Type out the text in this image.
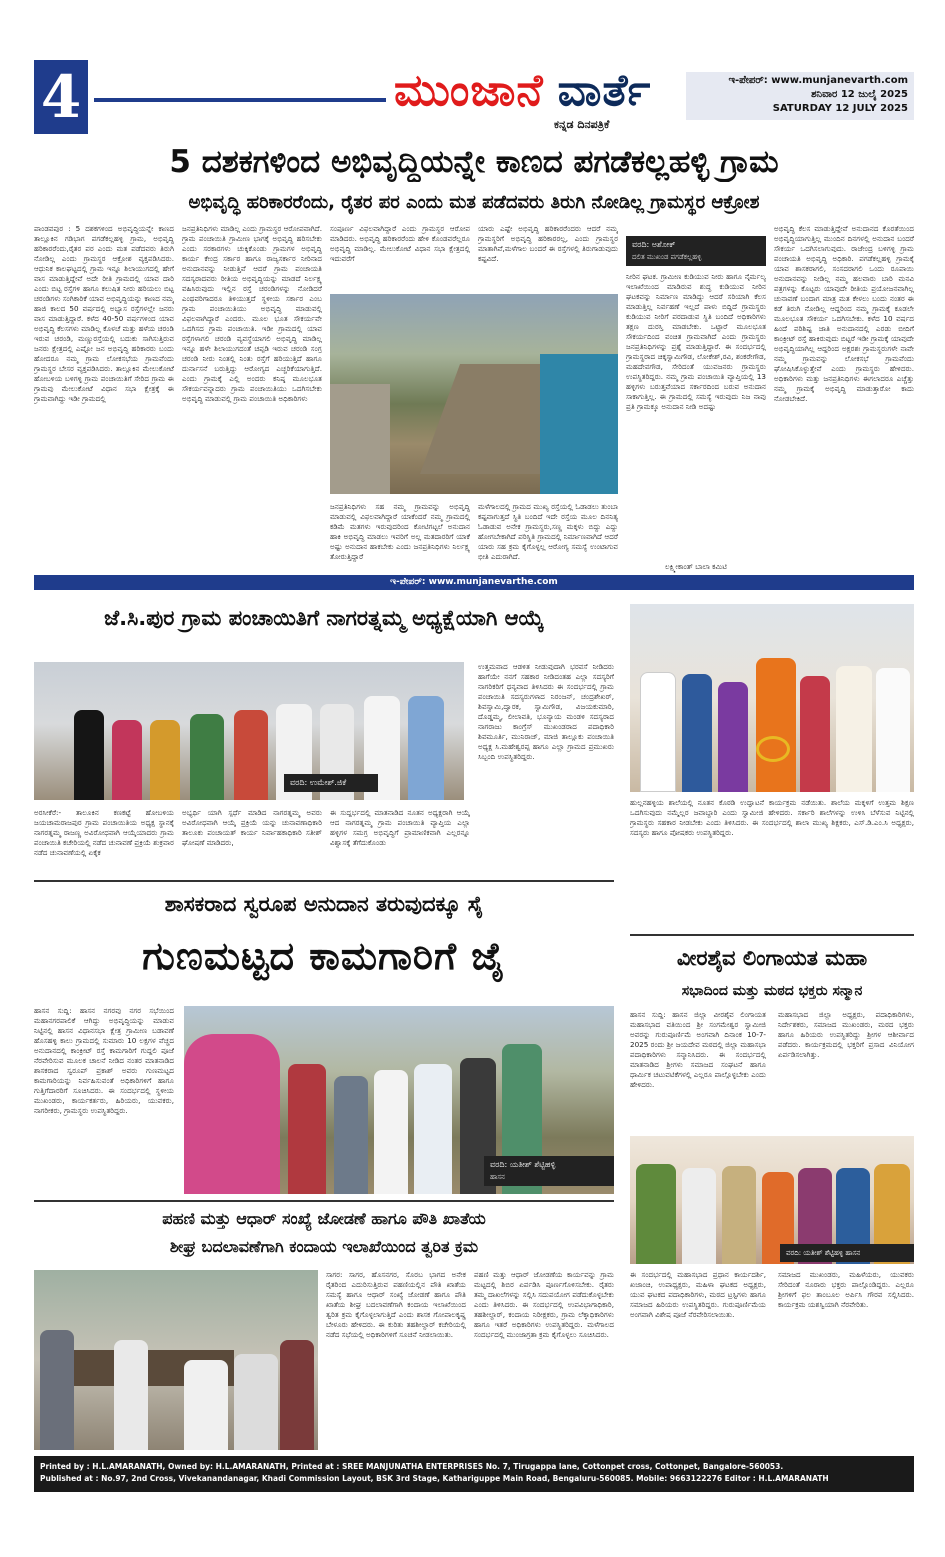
4	ಮುಂಜಾನೆ ವಾರ್ತೆ
ಕನ್ನಡ ದಿನಪತ್ರಿಕೆ
ಇ-ಪೇಪರ್: www.munjanevarth.com
ಶನಿವಾರ 12 ಜುಲೈ 2025
SATURDAY 12 JULY 2025
5 ದಶಕಗಳಿಂದ ಅಭಿವೃದ್ಧಿಯನ್ನೇ ಕಾಣದ ಪಗಡೆಕಲ್ಲಹಳ್ಳಿ ಗ್ರಾಮ
ಅಭಿವೃದ್ಧಿ ಹರಿಕಾರರೆಂದು, ರೈತರ ಪರ ಎಂದು ಮತ ಪಡೆದವರು ತಿರುಗಿ ನೋಡಿಲ್ಲ ಗ್ರಾಮಸ್ಥರ ಆಕ್ರೋಶ
ಪಾಂಡವಪುರ : 5 ದಶಕಗಳಿಂದ ಅಭಿವೃದ್ಧಿಯನ್ನೇ ಕಾಣದ ತಾಲ್ಲೂಕಿನ ಗಡಿಭಾಗ ಪಗಡೆಕಲ್ಲಹಳ್ಳಿ ಗ್ರಾಮ, ಅಭಿವೃದ್ಧಿ ಹರಿಕಾರರೆಂದು,ರೈತರ ಪರ ಎಂದು ಮತ ಪಡೆದವರು ತಿರುಗಿ ನೋಡಿಲ್ಲ ಎಂದು ಗ್ರಾಮಸ್ಥರ ಆಕ್ರೋಶ ವ್ಯಕ್ತಪಡಿಸಿದರು. ಆಧುನಿಕ ಕಾಲಘಟ್ಟದಲ್ಲಿ ಗ್ರಾಮ ಇನ್ನೂ ಶಿಲಾಯುಗದಲ್ಲಿ ಹೇಗೆ ವಾಸ ಮಾಡುತ್ತಿದ್ದೇವೆ ಅದೇ ರೀತಿ ಗ್ರಾಮದಲ್ಲಿ ಯಾವ ದಾರಿ ಎಂದು ಬಿಟ್ಟ ರಸ್ತೆಗಳಿ ಹಾಗೂ ಕಲುಷಿತ ನೀರು ಹರಿಯಲು ಬಿಟ್ಟ ಚರಂಡಿಗಳು ಸಂಗಿಕಾರಿಕೆ ಯಾವ ಅಭಿವೃದ್ಧಿಯನ್ನು ಕಾಣದ ನಮ್ಮ ಹಾಜಿ ಕಾಲದ 50 ವರ್ಷದಲ್ಲಿ ಅಭ್ಯಾಸ ರಸ್ತೆಗಳಲ್ಲೇ ಜನರು ವಾಸ ಮಾಡುತ್ತಿದ್ದಾರೆ. ಕಳೆದ 40-50 ವರ್ಷಗಳಿಂದ ಯಾವ ಅಭಿವೃದ್ಧಿ ಕೆಲಸಗಳು ಮಾಡಿಲ್ಲ ಕೊಳಚೆ ಮತ್ತು ಹಳೆಯ ಚರಂಡಿ ಇರುವ ಚರಂಡಿ, ಮಣ್ಣುರಸ್ತೆಯಲ್ಲಿ ಬದುಕು ಸಾಗಿಸುತ್ತಿರುವ ಜನರು ಕ್ಷೇತ್ರದಲ್ಲಿ ಎಷ್ಟೋ ಜನ ಅಭಿವೃದ್ಧಿ ಹರಿಕಾರರು ಬಂದು ಹೋದರೂ ನಮ್ಮ ಗ್ರಾಮ ಲೋಕಸಭೆಯ ಗ್ರಾಮವೆಂದು ಗ್ರಾಮಸ್ಥರ ಬೇಸರ ವ್ಯಕ್ತಪಡಿಸಿದರು. ತಾಲ್ಲೂಕಿನ ಮೇಲುಕೋಟೆ ಹೋಬಳಿಯ ಬಳಿಗಳ್ಳಿ ಗ್ರಾಮ ಪಂಚಾಯಿತಿಗೆ ಸೇರಿದ ಗ್ರಾಮ ಈ ಗ್ರಾಮವು ಮೇಲುಕೋಟೆ ವಿಧಾನ ಸಭಾ ಕ್ಷೇತ್ರಕ್ಕೆ ಈ ಗ್ರಾಮವಾಗಿದ್ದು ಇಡೀ ಗ್ರಾಮದಲ್ಲಿ
ಜನಪ್ರತಿನಿಧಿಗಳು ಮಾಡಿಲ್ಲ ಎಂದು ಗ್ರಾಮಸ್ಥರ ಆರೋಪವಾಗಿದೆ. ಗ್ರಾಮ ಪಂಚಾಯಿತಿ ಗ್ರಾಮೀಣ ಭಾಗಕ್ಕೆ ಅಭಿವೃದ್ಧಿ ಹರಿಸಬೇಕು ಎಂದು ಸರಕಾರಗಳು ಚುಕ್ಕಿಕೊಂಡು ಗ್ರಾಮಗಳ ಅಭಿವೃದ್ಧಿ ಕಾರ್ಯ ಕೇಂದ್ರ ಸರ್ಕಾರ ಹಾಗೂ ರಾಜ್ಯಸರ್ಕಾರ ನೀರಿನಾದ ಅನುದಾನವನ್ನು ನೀಡುತ್ತಿವೆ ಆದರೆ ಗ್ರಾಮ ಪಂಚಾಯತಿ ಸದಸ್ಯರಾದವರು ರೀತಿಯ ಅಭಿವೃದ್ಧಿಯನ್ನು ಮಾಡದೆ ನಿರ್ಲಕ್ಷ್ಯ ವಹಿಸಿರುವುದು ಇಲ್ಲಿನ ರಸ್ತೆ ಚರಂಡಿಗಳನ್ನು ನೋಡಿದರೆ ಎಂಥವರಿಗಾದರೂ ತಿಳಿಯುತ್ತದೆ ಸ್ಥಳೀಯ ಸರ್ಕಾರ ಎಂಬ ಗ್ರಾಮ ಪಂಚಾಯಿತಿಯು ಅಭಿವೃದ್ಧಿ ಮಾಡುವಲ್ಲಿ ವಿಫಲವಾಗಿದ್ದಾರೆ ಎಂದರು. ಮೂಲ ಭೂತ ಸೌಕರ್ಯವೇ ಒದಗಿಸದ ಗ್ರಾಮ ಪಂಚಾಯಿತಿ. ಇಡೀ ಗ್ರಾಮದಲ್ಲಿ ಯಾವ ರಸ್ತೆಗಳಾಗಲಿ ಚರಂಡಿ ವ್ಯವಸ್ಥೆಯಾಗಲಿ ಅಭಿವೃದ್ಧಿ ಮಾಡಿಲ್ಲ ಇನ್ನೂ ಹಳೇ ಶಿಲಾಯುಗದಂತೆ ಚಪ್ಪಡಿ ಇರುವ ಚರಂಡಿ ಸಂಗ್ರ ಚರಂಡಿ ನೀರು ನಿಂತಲ್ಲಿ ನಿಂತು ರಸ್ತೆಗೆ ಹರಿಯುತ್ತಿದೆ ಹಾಗೂ ದುರ್ನಾಸನೆ ಬರುತ್ತಿದ್ದು ಆರೋಗ್ಯದ ಎಚ್ಚರಿಕೆಯಾಗುತ್ತಿದೆ. ಎಂದು ಗ್ರಾಮಕ್ಕೆ ಎಲ್ಲಿ ಅಂದರು ಕನಿಷ್ಠ ಮೂಲಭೂತ ಸೌಕರ್ಯವನ್ನಾದರು ಗ್ರಾಮ ಪಂಚಾಯಿತಿಯು ಒದಗಿಸಬೇಕು ಅಭಿವೃದ್ಧಿ ಮಾಡುವಲ್ಲಿ ಗ್ರಾಮ ಪಂಚಾಯಿತಿ ಅಧಿಕಾರಿಗಳು
ಸಂಪೂರ್ಣ ವಿಫಲವಾಗಿದ್ದಾರೆ ಎಂದು ಗ್ರಾಮಸ್ಥರ ಆರೋಪ ಮಾಡಿದರು. ಅಭಿವೃದ್ಧಿ ಹರಿಕಾರರೆಂದು ಹೇಳಿ ಕೊಂಡವರೆಲ್ಲರೂ ಅಭಿವೃದ್ಧಿ ಮಾಡಿಲ್ಲ. ಮೇಲುಕೋಟೆ ವಿಧಾನ ಸಭಾ ಕ್ಷೇತ್ರದಲ್ಲಿ ಇದುವರೆಗೆ
ಯಾರು ಎಷ್ಟೇ ಅಭಿವೃದ್ಧಿ ಹರಿಕಾರರೆಂದರು ಆದರೆ ನಮ್ಮ ಗ್ರಾಮಸ್ಥರಿಗೆ ಅಭಿವೃದ್ಧಿ ಹರಿಕಾರರಲ್ಲ, ಎಂದು ಗ್ರಾಮಸ್ಥರ ಮಾತಾಗಿವೆ,ಮಳೆಗಾಲ ಬಂದರೆ ಈ ರಸ್ತೆಗಳಲ್ಲಿ ತಿರುಗಾಡುವುದು ಕಷ್ಟವಿದೆ.
ಜನಪ್ರತಿನಿಧಿಗಳು ಸಹ ನಮ್ಮ ಗ್ರಾಮವನ್ನು ಅಭಿವೃದ್ಧಿ ಮಾಡುವಲ್ಲಿ ವಿಫಲವಾಗಿದ್ದಾರೆ ಯಾಕೆಂದರೆ ನಮ್ಮ ಗ್ರಾಮದಲ್ಲಿ ಕಡಿಮೆ ಮತಗಳು ಇರುವುದರಿಂದ ಕೋಟಿಗಟ್ಟಲೆ ಅನುದಾನ ಹಾಕಿ ಅಭಿವೃದ್ಧಿ ಮಾಡಲು ಇವರಿಗೆ ಅಲ್ಲ ಮತದಾರರಿಗೆ ಯಾಕೆ ಅಷ್ಟು ಅನುದಾನ ಹಾಕಬೇಕು ಎಂದು ಜನಪ್ರತಿನಿಧಿಗಳು ನಿರ್ಲಕ್ಷ್ಯ ತೋರುತ್ತಿದ್ದಾರೆ
ಮಳೆಗಾಲದಲ್ಲಿ ಗ್ರಾಮದ ಮುಖ್ಯ ರಸ್ತೆಯಲ್ಲಿ ಓಡಾಡಲು ತುಂಬಾ ಕಷ್ಟವಾಗುತ್ತದೆ ಸ್ಥಿತಿ ಬಂದಿದೆ ಇದೇ ರಸ್ತೆಯ ಮೂಲ ದಿನನಿತ್ಯ ಓಡಾಡುವ ಅನೇಕ ಗ್ರಾಮಸ್ಥರು,ಸಣ್ಣ ಮಕ್ಕಳು ಬಿದ್ದು ಎದ್ದು ಹೋಗಬೇಕಾಗಿದೆ ಪರಿಸ್ಥಿತಿ ಗ್ರಾಮದಲ್ಲಿ ನಿರ್ಮಾಣವಾಗಿದೆ ಆದರೆ ಯಾರು ಸಹ ಕ್ರಮ ಕೈಗೊಳ್ಳಲ್ಲ ಆರೋಗ್ಯ ಸಮಸ್ಯೆ ಉಂಟಾಗುವ ಭೀತಿ ಎದುರಾಗಿದೆ.
ವರದಿ: ಅಶೋಕ್
ದಲಿತ ಮುಖಂಡ ಪಗಡೆಕಲ್ಲಹಳ್ಳಿ
ನೀರಿನ ಘಟಕ. ಗ್ರಾಮೀಣ ಕುಡಿಯುವ ನೀರು ಹಾಗೂ ನೈರ್ಮಲ್ಯ ಇಲಾಖೆಯಿಂದ ಮಾಡಿರುವ ಶುದ್ಧ ಕುಡಿಯುವ ನೀರಿನ ಘಟಕವನ್ನು ನಿರ್ಮಾಣ ಮಾಡಿದ್ದು ಆದರೆ ಸರಿಯಾಗಿ ಕೆಲಸ ಮಾಡುತ್ತಿಲ್ಲ ನಿರ್ವಹಣೆ ಇಲ್ಲದೆ ಪಾಳು ಬಿದ್ದಿದೆ ಗ್ರಾಮಸ್ಥರು ಕುಡಿಯುವ ನೀರಿಗೆ ಪರದಾಡುವ ಸ್ಥಿತಿ ಬಂದಿದೆ ಅಧಿಕಾರಿಗಳು ತಕ್ಷಣ ದುರಸ್ತಿ ಮಾಡಬೇಕು. ಒಟ್ಟಾರೆ ಮೂಲಭೂತ ಸೌಕರ್ಯದಿಂದ ವಂಚಿತ ಗ್ರಾಮವಾಗಿದೆ ಎಂದು ಗ್ರಾಮಸ್ಥರು ಜನಪ್ರತಿನಿಧಿಗಳನ್ನು ಪ್ರಶ್ನೆ ಮಾಡುತ್ತಿದ್ದಾರೆ. ಈ ಸಂದರ್ಭದಲ್ಲಿ ಗ್ರಾಮಸ್ಥರಾದ ಚಿಕ್ಕಸ್ವಾಮಿಗೌಡ, ಲೋಕೇಶ್,ರವಿ, ಶಂಕರೇಗೌಡ, ಮಹದೇವಗೌಡ, ಸೇರಿದಂತೆ ಯುವಜನರು ಗ್ರಾಮಸ್ಥರು ಉಪಸ್ಥಿತರಿದ್ದರು. ನಮ್ಮ ಗ್ರಾಮ ಪಂಚಾಯಿತಿ ವ್ಯಾಪ್ತಿಯಲ್ಲಿ 13 ಹಳ್ಳಿಗಳು ಬರುತ್ತವೆಯಾದ ಸರ್ಕಾರದಿಂದ ಬರುವ ಅನುದಾನ ಸಾಕಾಗುತ್ತಿಲ್ಲ. ಈ ಗ್ರಾಮದಲ್ಲಿ ಸಮಸ್ಯೆ ಇರುವುದು ನಿಜ ನಾವು ಪ್ರತಿ ಗ್ರಾಮಕ್ಕೂ ಅನುದಾನ ನೀಡಿ ಅದಷ್ಟು
ಲಕ್ಷ್ಮೀಕಾಂತ್ ಬಾಲಾ ಕಮಿಟಿ
ಅಭಿವೃದ್ಧಿ ಕೆಲಸ ಮಾಡುತ್ತಿದ್ದೇವೆ ಅನುದಾನದ ಕೊರತೆಯಿಂದ ಅಭಿವೃದ್ಧಿಯಾಗುತ್ತಿಲ್ಲ ಮುಂದಿನ ದಿನಗಳಲ್ಲಿ ಅನುದಾನ ಬಂದರೆ ಸೌಕರ್ಯ ಒದಗಿಸಲಾಗುವುದು. ರಾಜೇಂದ್ರ ಬಳಿಗಳ್ಳಿ ಗ್ರಾಮ ಪಂಚಾಯತಿ ಅಭಿವೃದ್ಧಿ ಅಧಿಕಾರಿ. ಪಗಡೆಕಲ್ಲಹಳ್ಳಿ ಗ್ರಾಮಕ್ಕೆ ಯಾವ ಶಾಸಕರಾಗಲಿ, ಸಂಸದರಾಗಲಿ ಒಂದು ರೂಪಾಯಿ ಅನುದಾನವನ್ನು ನೀಡಿಲ್ಲ ನಮ್ಮ ಹಲವಾರು ಬಾರಿ ಮನವಿ ಪತ್ರಗಳನ್ನು ಕೊಟ್ಟರು ಯಾವುದೇ ರೀತಿಯ ಪ್ರಯೋಜನವಾಗಿಲ್ಲ ಚುನಾವಣೆ ಬಂದಾಗ ಮಾತ್ರ ಮತ ಕೇಳಲು ಬಂದು ನಂತರ ಈ ಕಡೆ ತಿರುಗಿ ನೋಡಿಲ್ಲ ಆದ್ದರಿಂದ ನಮ್ಮ ಗ್ರಾಮಕ್ಕೆ ಕೂಡಲೇ ಮೂಲಭೂತ ಸೌಕರ್ಯ ಒದಗಿಸಬೇಕು. ಕಳೆದ 10 ವರ್ಷದ ಹಿಂದೆ ಪರಿಶಿಷ್ಟ ಜಾತಿ ಅನುದಾನದಲ್ಲಿ ಎರಡು ಬೀದಿಗೆ ಕಾಂಕ್ರೀಟ್ ರಸ್ತೆ ಹಾಕಿರುವುದು ಬಿಟ್ಟರೆ ಇಡೀ ಗ್ರಾಮಕ್ಕೆ ಯಾವುದೇ ಅಭಿವೃದ್ಧಿಯಾಗಿಲ್ಲ ಆದ್ದರಿಂದ ಅಕ್ಷರಶಃ ಗ್ರಾಮಸ್ಥರುಗಳೇ ನಾವೇ ನಮ್ಮ ಗ್ರಾಮವನ್ನು ಲೋಕಸಭೆ ಗ್ರಾಮವೆಂದು ಘೋಷಿಸಿಕೊಳ್ಳುತ್ತೇವೆ ಎಂದು ಗ್ರಾಮಸ್ಥರು ಹೇಳಿದರು. ಅಧಿಕಾರಿಗಳು ಮತ್ತು ಜನಪ್ರತಿನಿಧಿಗಳು ಈಗಲಾದರೂ ಎಚ್ಚೆತ್ತು ನಮ್ಮ ಗ್ರಾಮಕ್ಕೆ ಅಭಿವೃದ್ಧಿ ಮಾಡುತ್ತಾರೋ ಕಾದು ನೋಡಬೇಕಿದೆ.
ಇ-ಪೇಪರ್: www.munjanevarthe.com
ಜೆ.ಸಿ.ಪುರ ಗ್ರಾಮ ಪಂಚಾಯಿತಿಗೆ ನಾಗರತ್ನಮ್ಮ ಅಧ್ಯಕ್ಷೆಯಾಗಿ ಆಯ್ಕೆ
ವರದಿ: ಉಮೇಶ್.ಜಿಕೆ
ಅರಸೀಕೆರೆ:- ತಾಲೂಕಿನ ಕಣಕಟ್ಟೆ ಹೋಬಳಿಯ ಜಯಚಾಮರಾಜಪುರ ಗ್ರಾಮ ಪಂಚಾಯಿತಿಯ ಅಧ್ಯಕ್ಷ ಸ್ಥಾನಕ್ಕೆ ನಾಗರತ್ನಮ್ಮ ರಾಜಣ್ಣ ಅವಿರೋಧವಾಗಿ ಆಯ್ಕೆಯಾದರು ಗ್ರಾಮ ಪಂಚಾಯಿತಿ ಕಚೇರಿಯಲ್ಲಿ ನಡೆದ ಚುನಾವಣೆ ಪ್ರಕ್ರಿಯೆ ಶುಕ್ರವಾರ ನಡೆದ ಚುನಾವಣೆಯಲ್ಲಿ ಏಕೈಕ
ಅಭ್ಯರ್ಥಿ ಯಾಗಿ ಸ್ಪರ್ಧೆ ಮಾಡಿದ ನಾಗರತ್ನಮ್ಮ ಅವರು ಅವಿರೋಧವಾಗಿ ಆಯ್ಕೆ ಪ್ರಕ್ರಿಯೆ ಯನ್ನು ಚುನಾವಣಾಧಿಕಾರಿ ತಾಲೂಕು ಪಂಚಾಯತ್ ಕಾರ್ಯ ನಿರ್ವಾಹಕಾಧಿಕಾರಿ ಸತೀಶ್ ಘೋಷಣೆ ಮಾಡಿದರು,
ಈ ಸುದ್ದರ್ಭದಲ್ಲಿ ಮಾತನಾಡಿದ ನೂತನ ಅಧ್ಯಕ್ಷರಾಗಿ ಆಯ್ಕೆ ಆದ ನಾಗರತ್ನಮ್ಮ ಗ್ರಾಮ ಪಂಚಾಯಿತಿ ವ್ಯಾಪ್ತಿಯ ಎಲ್ಲಾ ಹಳ್ಳಿಗಳ ಸಮಗ್ರ ಅಭಿವೃದ್ಧಿಗೆ ಪ್ರಾಮಾಣಿಕವಾಗಿ ಎಲ್ಲರನ್ನೂ ವಿಶ್ವಾಸಕ್ಕೆ ತೆಗೆದುಕೊಂಡು
ಉತ್ತಮವಾದ ಆಡಳಿತ ನೀಡುವುದಾಗಿ ಭರವಸೆ ನೀಡಿದರು ಹಾಗೆಯೇ ನನಗೆ ಸಹಕಾರ ನೀಡಿದಂತಹ ಎಲ್ಲಾ ಸದಸ್ಯರಿಗೆ ನಾಗರಿಕರಿಗೆ ಧನ್ಯವಾದ ತಿಳಿಸಿದರು ಈ ಸಂದರ್ಭದಲ್ಲಿ ಗ್ರಾಮ ಪಂಚಾಯಿತಿ ಸದಸ್ಯರುಗಳಾದ ನಿರಂಜನ್, ಚಂದ್ರಶೇಖರ್, ಶಿವಸ್ವಾಮಿ,ದ್ವಾರಕ, ಸ್ವಾಮಿಗೌಡ, ವಿಜಯಕುಮಾರಿ, ದೊಡ್ಡಮ್ಮ, ಲೀಲಾವತಿ, ಭೂನ್ಯಾಯ ಮಂಡಳಿ ಸದಸ್ಯರಾದ ನಾಗರಾಜು ಕಾಂಗ್ರೆಸ್ ಮುಖಂಡರಾದ ಪದಾಧಿಕಾರಿ ಶಿವಮೂರ್ತಿ, ಮುನಿರಾಜ್, ಮಾಜಿ ತಾಲ್ಲೂಕು ಪಂಚಾಯಿತಿ ಅಧ್ಯಕ್ಷ ಸಿ.ಮಹೇಶ್ವರಪ್ಪ ಹಾಗೂ ಎಲ್ಲಾ ಗ್ರಾಮದ ಪ್ರಮುಖರು ಸಿಬ್ಬಂದಿ ಉಪಸ್ಥಿತರಿದ್ದರು.
ಹುಲ್ಲನಹಳ್ಳಿಯ ಶಾಲೆಯಲ್ಲಿ ನೂತನ ಕೊಠಡಿ ಉದ್ಘಾಟನೆ ಕಾರ್ಯಕ್ರಮ ನಡೆಯಿತು. ಶಾಲೆಯ ಮಕ್ಕಳಿಗೆ ಉತ್ತಮ ಶಿಕ್ಷಣ ಒದಗಿಸುವುದು ನಮ್ಮೆಲ್ಲರ ಜವಾಬ್ದಾರಿ ಎಂದು ಸ್ವಾಮೀಜಿ ಹೇಳಿದರು. ಸರ್ಕಾರಿ ಶಾಲೆಗಳನ್ನು ಉಳಿಸಿ ಬೆಳೆಸುವ ನಿಟ್ಟಿನಲ್ಲಿ ಗ್ರಾಮಸ್ಥರು ಸಹಕಾರ ನೀಡಬೇಕು ಎಂದು ತಿಳಿಸಿದರು. ಈ ಸಂದರ್ಭದಲ್ಲಿ ಶಾಲಾ ಮುಖ್ಯ ಶಿಕ್ಷಕರು, ಎಸ್.ಡಿ.ಎಂ.ಸಿ ಅಧ್ಯಕ್ಷರು, ಸದಸ್ಯರು ಹಾಗೂ ಪೋಷಕರು ಉಪಸ್ಥಿತರಿದ್ದರು.
ಶಾಸಕರಾದ ಸ್ವರೂಪ ಅನುದಾನ ತರುವುದಕ್ಕೂ ಸೈ
ಗುಣಮಟ್ಟದ ಕಾಮಗಾರಿಗೆ ಜೈ
ಹಾಸನ ಸುದ್ದಿ: ಹಾಸನ ನಗರವು ನಗರ ಸಭೆಯಿಂದ ಮಹಾನಗರಪಾಲಿಕೆ ಆಗಿದ್ದು ಅಭಿವೃದ್ಧಿಯನ್ನು ಮಾಡುವ ನಿಟ್ಟಿನಲ್ಲಿ ಹಾಸನ ವಿಧಾನಸಭಾ ಕ್ಷೇತ್ರ ಗ್ರಾಮೀಣ ಬಡಾವಣೆ ಹೊಸಹಳ್ಳಿ ಕಾಲು ಗ್ರಾಮದಲ್ಲಿ ಸುಮಾರು 10 ಲಕ್ಷಗಳ ವೆಚ್ಚದ ಅನುದಾನದಲ್ಲಿ ಕಾಂಕ್ರೀಟ್ ರಸ್ತೆ ಕಾಮಗಾರಿಗೆ ಗುದ್ದಲಿ ಪೂಜೆ ನೆರವೇರಿಸುವ ಮೂಲಕ ಚಾಲನೆ ನೀಡಿದ ನಂತರ ಮಾತನಾಡಿದ ಶಾಸಕರಾದ ಸ್ವರೂಪ್ ಪ್ರಕಾಶ್ ಅವರು ಗುಣಮಟ್ಟದ ಕಾಮಗಾರಿಯನ್ನು ನಿರ್ವಹಿಸುವಂತೆ ಅಧಿಕಾರಿಗಳಿಗೆ ಹಾಗೂ ಗುತ್ತಿಗೆದಾರರಿಗೆ ಸೂಚಿಸಿದರು. ಈ ಸಂದರ್ಭದಲ್ಲಿ ಸ್ಥಳೀಯ ಮುಖಂಡರು, ಕಾರ್ಯಕರ್ತರು, ಹಿರಿಯರು, ಯುವಕರು, ನಾಗರೀಕರು, ಗ್ರಾಮಸ್ಥರು ಉಪಸ್ಥಿತರಿದ್ದರು.
ವರದಿ: ಯತೀಶ್ ಶೆಟ್ಟಿಹಳ್ಳಿ
ಹಾಸನ
ವೀರಶೈವ ಲಿಂಗಾಯತ ಮಹಾ
ಸಭಾದಿಂದ ಮತ್ತು ಮಠದ ಭಕ್ತರು ಸನ್ಮಾನ
ಹಾಸನ ಸುದ್ದಿ: ಹಾಸನ ಜಿಲ್ಲಾ ವೀರಶೈವ ಲಿಂಗಾಯತ ಮಹಾಸಭಾದ ವತಿಯಿಂದ ಶ್ರೀ ಸಂಗಮೇಶ್ವರ ಸ್ವಾಮೀಜಿ ಅವರನ್ನು ಗುರುಪೂರ್ಣಿಮೆ ಅಂಗವಾಗಿ ದಿನಾಂಕ 10-7-2025 ರಂದು ಶ್ರೀ ಜಯದೇವ ಮಠದಲ್ಲಿ ಜಿಲ್ಲಾ ಮಹಾಸಭಾ ಪದಾಧಿಕಾರಿಗಳು ಸನ್ಮಾನಿಸಿದರು. ಈ ಸಂದರ್ಭದಲ್ಲಿ ಮಾತನಾಡಿದ ಶ್ರೀಗಳು ಸಮಾಜದ ಸಂಘಟನೆ ಹಾಗೂ ಧಾರ್ಮಿಕ ಚಟುವಟಿಕೆಗಳಲ್ಲಿ ಎಲ್ಲರೂ ಪಾಲ್ಗೊಳ್ಳಬೇಕು ಎಂದು ಹೇಳಿದರು.
ಮಹಾಸಭಾದ ಜಿಲ್ಲಾ ಅಧ್ಯಕ್ಷರು, ಪದಾಧಿಕಾರಿಗಳು, ನಿರ್ದೇಶಕರು, ಸಮಾಜದ ಮುಖಂಡರು, ಮಠದ ಭಕ್ತರು ಹಾಗೂ ಹಿರಿಯರು ಉಪಸ್ಥಿತರಿದ್ದು ಶ್ರೀಗಳ ಆಶೀರ್ವಾದ ಪಡೆದರು. ಕಾರ್ಯಕ್ರಮದಲ್ಲಿ ಭಕ್ತರಿಗೆ ಪ್ರಸಾದ ವಿನಿಯೋಗ ಏರ್ಪಡಿಸಲಾಗಿತ್ತು.
ವರದಿ: ಯತೀಶ್ ಶೆಟ್ಟಿಹಳ್ಳಿ ಹಾಸನ
ಈ ಸಂದರ್ಭದಲ್ಲಿ ಮಹಾಸಭಾದ ಪ್ರಧಾನ ಕಾರ್ಯದರ್ಶಿ, ಖಜಾಂಚಿ, ಉಪಾಧ್ಯಕ್ಷರು, ಮಹಿಳಾ ಘಟಕದ ಅಧ್ಯಕ್ಷರು, ಯುವ ಘಟಕದ ಪದಾಧಿಕಾರಿಗಳು, ಮಠದ ಟ್ರಸ್ಟಿಗಳು ಹಾಗೂ ಸಮಾಜದ ಹಿರಿಯರು ಉಪಸ್ಥಿತರಿದ್ದರು. ಗುರುಪೂರ್ಣಿಮೆಯ ಅಂಗವಾಗಿ ವಿಶೇಷ ಪೂಜೆ ನೆರವೇರಿಸಲಾಯಿತು.
ಸಮಾಜದ ಮುಖಂಡರು, ಮಹಿಳೆಯರು, ಯುವಕರು ಸೇರಿದಂತೆ ನೂರಾರು ಭಕ್ತರು ಪಾಲ್ಗೊಂಡಿದ್ದರು. ಎಲ್ಲರೂ ಶ್ರೀಗಳಿಗೆ ಫಲ ತಾಂಬೂಲ ಅರ್ಪಿಸಿ ಗೌರವ ಸಲ್ಲಿಸಿದರು. ಕಾರ್ಯಕ್ರಮ ಯಶಸ್ವಿಯಾಗಿ ನೆರವೇರಿತು.
ಪಹಣಿ ಮತ್ತು ಆಧಾರ್ ಸಂಖ್ಯೆ ಜೋಡಣೆ ಹಾಗೂ ಪೌತಿ ಖಾತೆಯ
ಶೀಘ್ರ ಬದಲಾವಣೆಗಾಗಿ ಕಂದಾಯ ಇಲಾಖೆಯಿಂದ ತ್ವರಿತ ಕ್ರಮ
ಸಾಗರ: ಸಾಗರ, ಹೊಸನಗರ, ಸೊರಬ ಭಾಗದ ಅನೇಕ ರೈತರಿಂದ ಎದುರಿಸುತ್ತಿರುವ ಪಹಣಿಯಲ್ಲಿನ ಪೌತಿ ಖಾತೆಯ ಸಮಸ್ಯೆ ಹಾಗೂ ಆಧಾರ್ ಸಂಖ್ಯೆ ಜೋಡಣೆ ಹಾಗೂ ಪೌತಿ ಖಾತೆಯ ಶೀಘ್ರ ಬದಲಾವಣೆಗಾಗಿ ಕಂದಾಯ ಇಲಾಖೆಯಿಂದ ತ್ವರಿತ ಕ್ರಮ ಕೈಗೊಳ್ಳಲಾಗುತ್ತಿದೆ ಎಂದು ಶಾಸಕ ಗೋಪಾಲಕೃಷ್ಣ ಬೇಳೂರು ಹೇಳಿದರು. ಈ ಕುರಿತು ತಹಶೀಲ್ದಾರ್ ಕಚೇರಿಯಲ್ಲಿ ನಡೆದ ಸಭೆಯಲ್ಲಿ ಅಧಿಕಾರಿಗಳಿಗೆ ಸೂಚನೆ ನೀಡಲಾಯಿತು.
ಪಹಣಿ ಮತ್ತು ಆಧಾರ್ ಜೋಡಣೆಯ ಕಾರ್ಯವನ್ನು ಗ್ರಾಮ ಮಟ್ಟದಲ್ಲಿ ಶಿಬಿರ ಏರ್ಪಡಿಸಿ ಪೂರ್ಣಗೊಳಿಸಬೇಕು. ರೈತರು ತಮ್ಮ ದಾಖಲೆಗಳನ್ನು ಸಲ್ಲಿಸಿ ಸದುಪಯೋಗ ಪಡೆದುಕೊಳ್ಳಬೇಕು ಎಂದು ತಿಳಿಸಿದರು. ಈ ಸಂದರ್ಭದಲ್ಲಿ ಉಪವಿಭಾಗಾಧಿಕಾರಿ, ತಹಶೀಲ್ದಾರ್, ಕಂದಾಯ ನಿರೀಕ್ಷಕರು, ಗ್ರಾಮ ಲೆಕ್ಕಾಧಿಕಾರಿಗಳು ಹಾಗೂ ಇತರೆ ಅಧಿಕಾರಿಗಳು ಉಪಸ್ಥಿತರಿದ್ದರು. ಮಳೆಗಾಲದ ಸಂದರ್ಭದಲ್ಲಿ ಮುಂಜಾಗ್ರತಾ ಕ್ರಮ ಕೈಗೊಳ್ಳಲು ಸೂಚಿಸಿದರು.
Printed by : H.L.AMARANATH, Owned by: H.L.AMARANATH, Printed at : SREE MANJUNATHA ENTERPRISES No. 7, Tirugappa lane, Cottonpet cross, Cottonpet, Bangalore-560053.
Published at : No.97, 2nd Cross, Vivekanandanagar, Khadi Commission Layout, BSK 3rd Stage, Kathariguppe Main Road, Bengaluru-560085. Mobile: 9663122276 Editor : H.L.AMARANATH
